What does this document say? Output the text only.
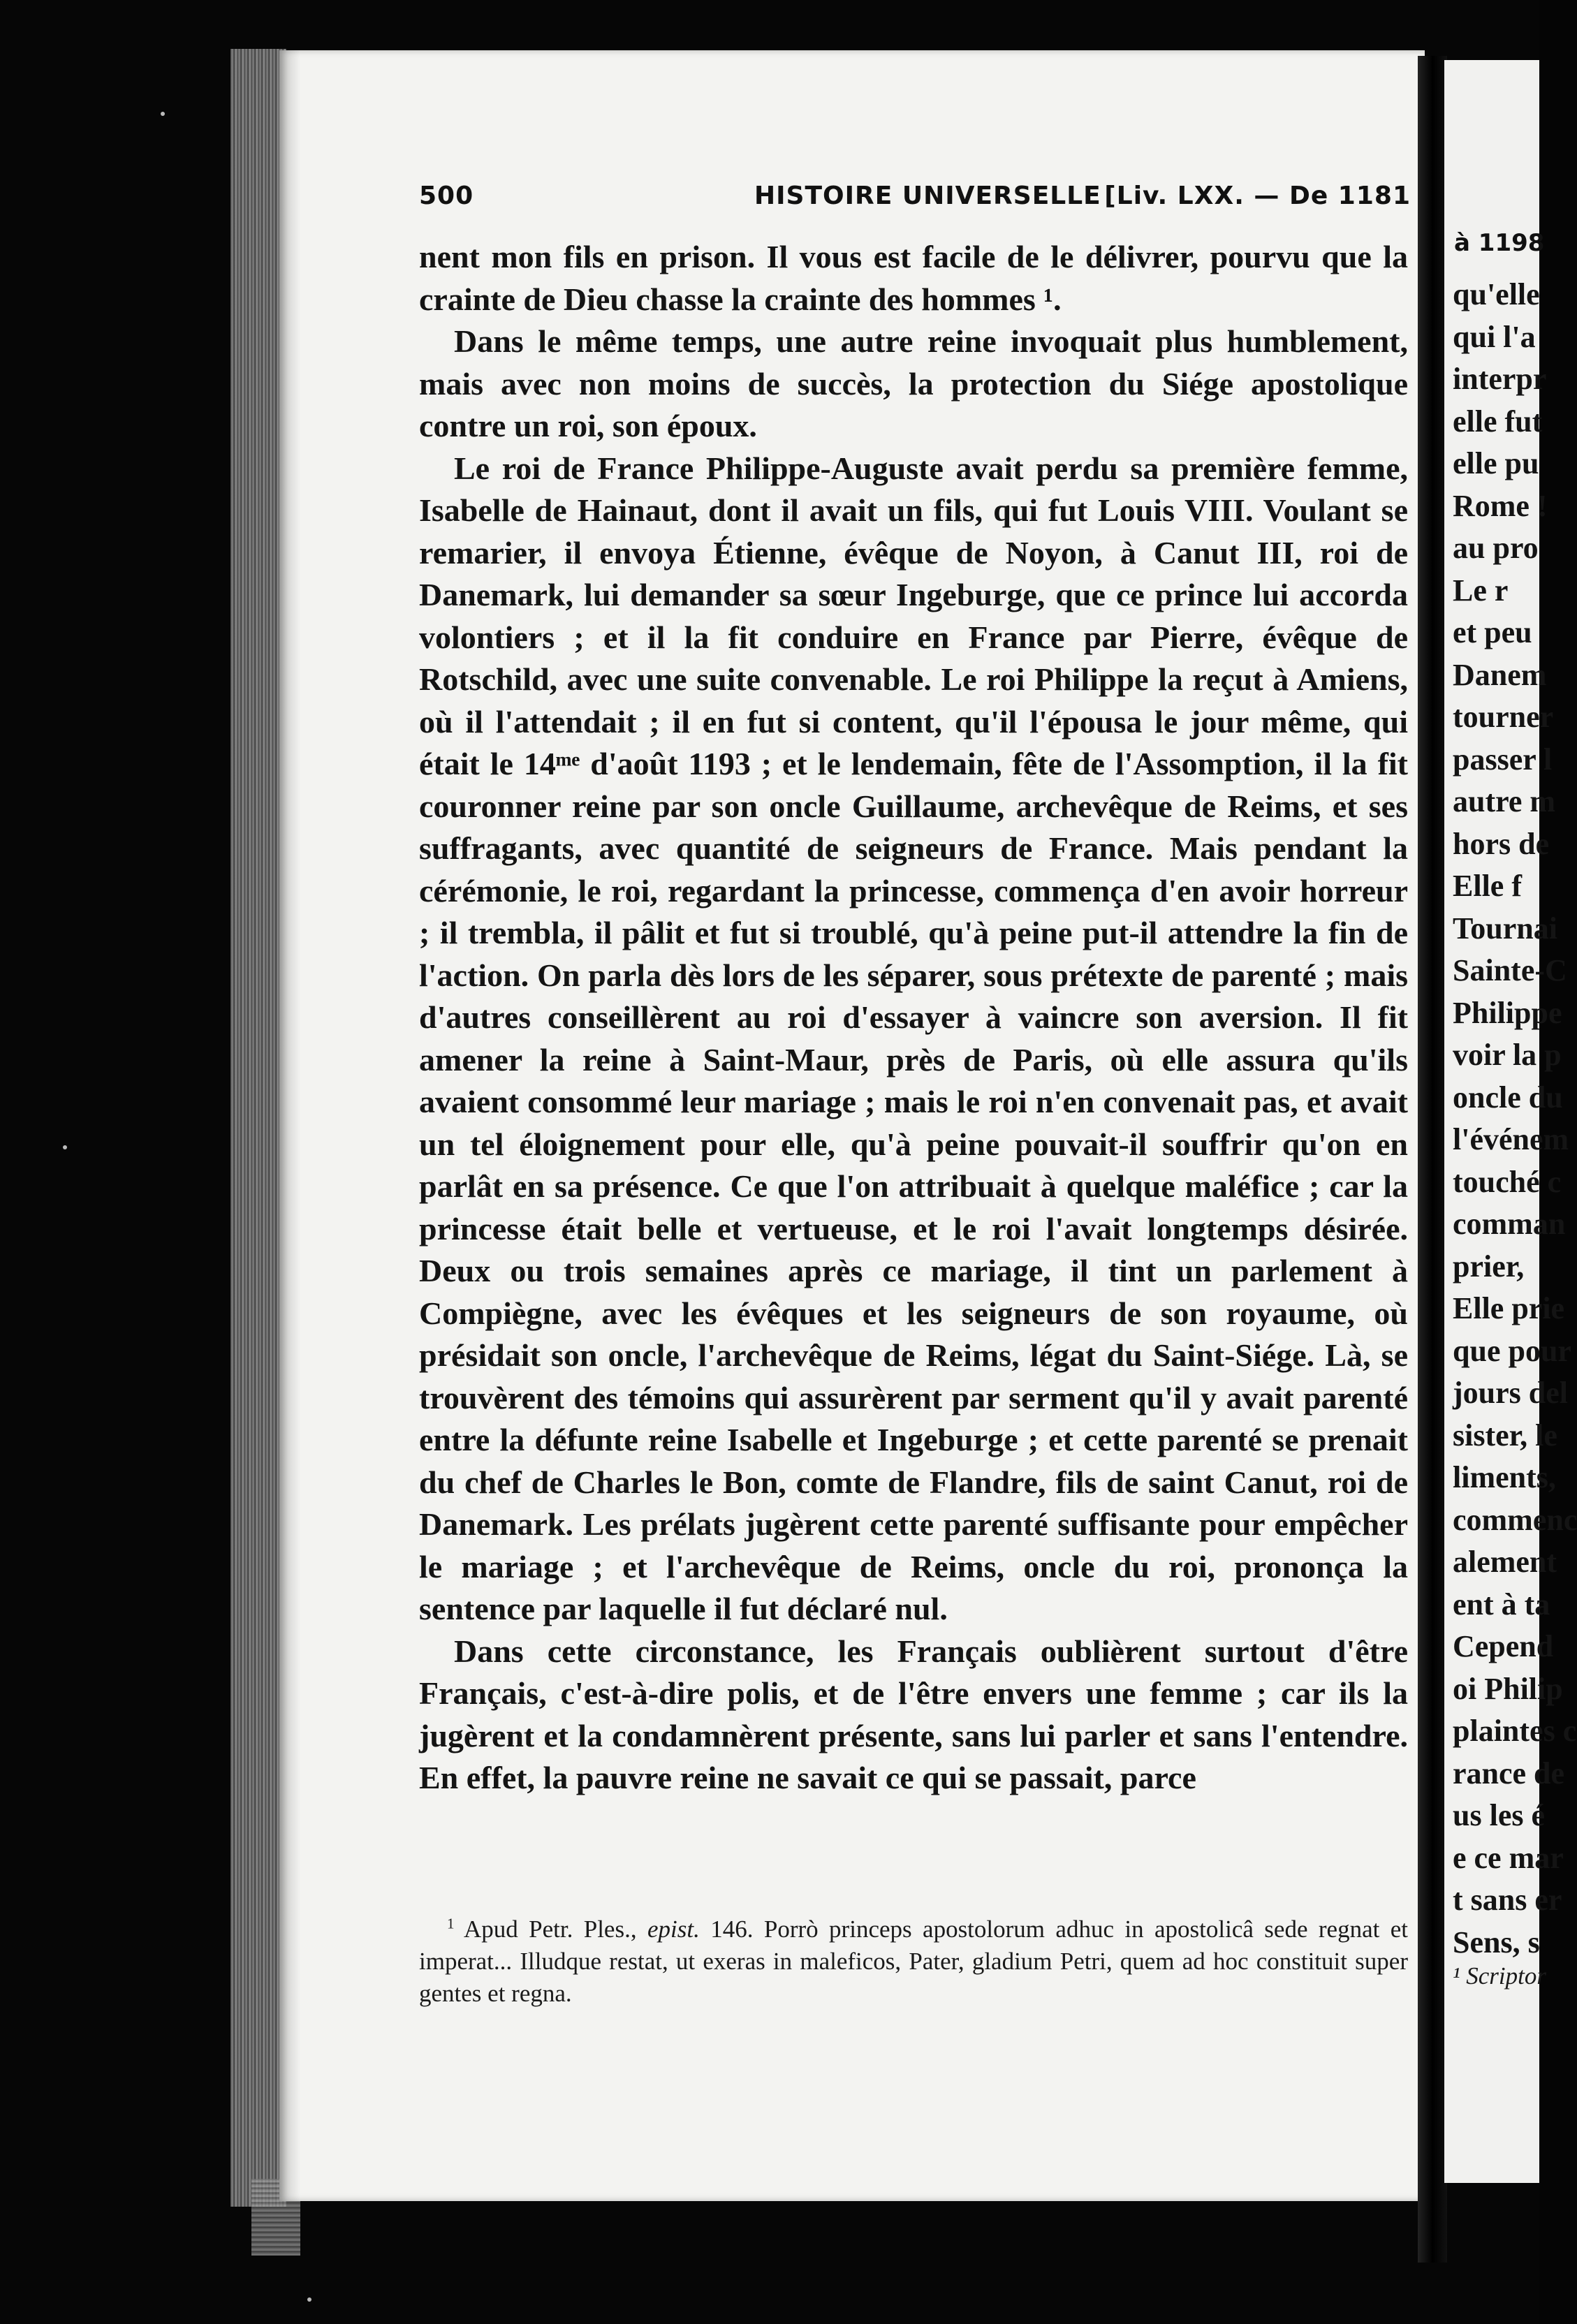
500	HISTOIRE UNIVERSELLE [Liv. LXX. — De 1181

nent mon fils en prison. Il vous est facile de le délivrer, pourvu que la crainte de Dieu chasse la crainte des hommes ¹.

Dans le même temps, une autre reine invoquait plus humblement, mais avec non moins de succès, la protection du Siége apostolique contre un roi, son époux.

Le roi de France Philippe-Auguste avait perdu sa première femme, Isabelle de Hainaut, dont il avait un fils, qui fut Louis VIII. Voulant se remarier, il envoya Étienne, évêque de Noyon, à Canut III, roi de Danemark, lui demander sa sœur Ingeburge, que ce prince lui accorda volontiers ; et il la fit conduire en France par Pierre, évêque de Rotschild, avec une suite convenable. Le roi Philippe la reçut à Amiens, où il l'attendait ; il en fut si content, qu'il l'épousa le jour même, qui était le 14ᵐᵉ d'août 1193 ; et le lendemain, fête de l'Assomption, il la fit couronner reine par son oncle Guillaume, archevêque de Reims, et ses suffragants, avec quantité de seigneurs de France. Mais pendant la cérémonie, le roi, regardant la princesse, commença d'en avoir horreur ; il trembla, il pâlit et fut si troublé, qu'à peine put-il attendre la fin de l'action. On parla dès lors de les séparer, sous prétexte de parenté ; mais d'autres conseillèrent au roi d'essayer à vaincre son aversion. Il fit amener la reine à Saint-Maur, près de Paris, où elle assura qu'ils avaient consommé leur mariage ; mais le roi n'en convenait pas, et avait un tel éloignement pour elle, qu'à peine pouvait-il souffrir qu'on en parlât en sa présence. Ce que l'on attribuait à quelque maléfice ; car la princesse était belle et vertueuse, et le roi l'avait longtemps désirée. Deux ou trois semaines après ce mariage, il tint un parlement à Compiègne, avec les évêques et les seigneurs de son royaume, où présidait son oncle, l'archevêque de Reims, légat du Saint-Siége. Là, se trouvèrent des témoins qui assurèrent par serment qu'il y avait parenté entre la défunte reine Isabelle et Ingeburge ; et cette parenté se prenait du chef de Charles le Bon, comte de Flandre, fils de saint Canut, roi de Danemark. Les prélats jugèrent cette parenté suffisante pour empêcher le mariage ; et l'archevêque de Reims, oncle du roi, prononça la sentence par laquelle il fut déclaré nul.

Dans cette circonstance, les Français oublièrent surtout d'être Français, c'est-à-dire polis, et de l'être envers une femme ; car ils la jugèrent et la condamnèrent présente, sans lui parler et sans l'entendre. En effet, la pauvre reine ne savait ce qui se passait, parce

$^1$ Apud Petr. Ples., epist. 146. Porrò princeps apostolorum adhuc in apostolicâ sede regnat et imperat... Illudque restat, ut exeras in maleficos, Pater, gladium Petri, quem ad hoc constituit super gentes et regna.
à 1198
qu'elle
qui l'a
interpr
elle fut
elle pu
Rome !
au pro
Le r
et peu
Danem
tourner
passer l
autre m
hors de
Elle f
Tournai
Sainte-C
Philippe
voir la p
oncle du
l'événem
touché c
comman
prier,
Elle prie
que pour
jours del
sister, le
liments,
commenc
alement
ent à ta
Cepend
oi Philip
plaintes c
rance de
us les é
e ce mar
t sans er
Sens, s
¹ Scriptor
